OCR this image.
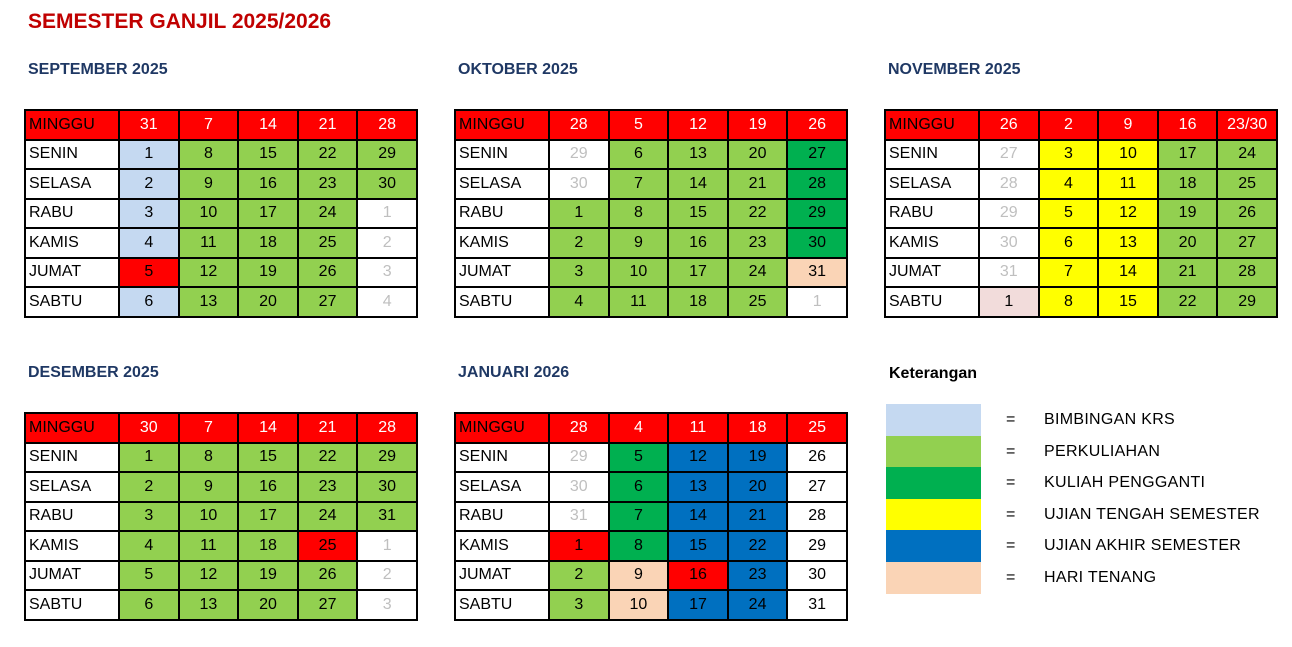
SEMESTER GANJIL 2025/2026
SEPTEMBER 2025
MINGGU	31	7	14	21	28
SENIN	1	8	15	22	29
SELASA	2	9	16	23	30
RABU	3	10	17	24	1
KAMIS	4	11	18	25	2
JUMAT	5	12	19	26	3
SABTU	6	13	20	27	4
OKTOBER 2025
MINGGU	28	5	12	19	26
SENIN	29	6	13	20	27
SELASA	30	7	14	21	28
RABU	1	8	15	22	29
KAMIS	2	9	16	23	30
JUMAT	3	10	17	24	31
SABTU	4	11	18	25	1
NOVEMBER 2025
MINGGU	26	2	9	16	23/30
SENIN	27	3	10	17	24
SELASA	28	4	11	18	25
RABU	29	5	12	19	26
KAMIS	30	6	13	20	27
JUMAT	31	7	14	21	28
SABTU	1	8	15	22	29
DESEMBER 2025
MINGGU	30	7	14	21	28
SENIN	1	8	15	22	29
SELASA	2	9	16	23	30
RABU	3	10	17	24	31
KAMIS	4	11	18	25	1
JUMAT	5	12	19	26	2
SABTU	6	13	20	27	3
JANUARI 2026
MINGGU	28	4	11	18	25
SENIN	29	5	12	19	26
SELASA	30	6	13	20	27
RABU	31	7	14	21	28
KAMIS	1	8	15	22	29
JUMAT	2	9	16	23	30
SABTU	3	10	17	24	31
Keterangan
= BIMBINGAN KRS
= PERKULIAHAN
= KULIAH PENGGANTI
= UJIAN TENGAH SEMESTER
= UJIAN AKHIR SEMESTER
= HARI TENANG
